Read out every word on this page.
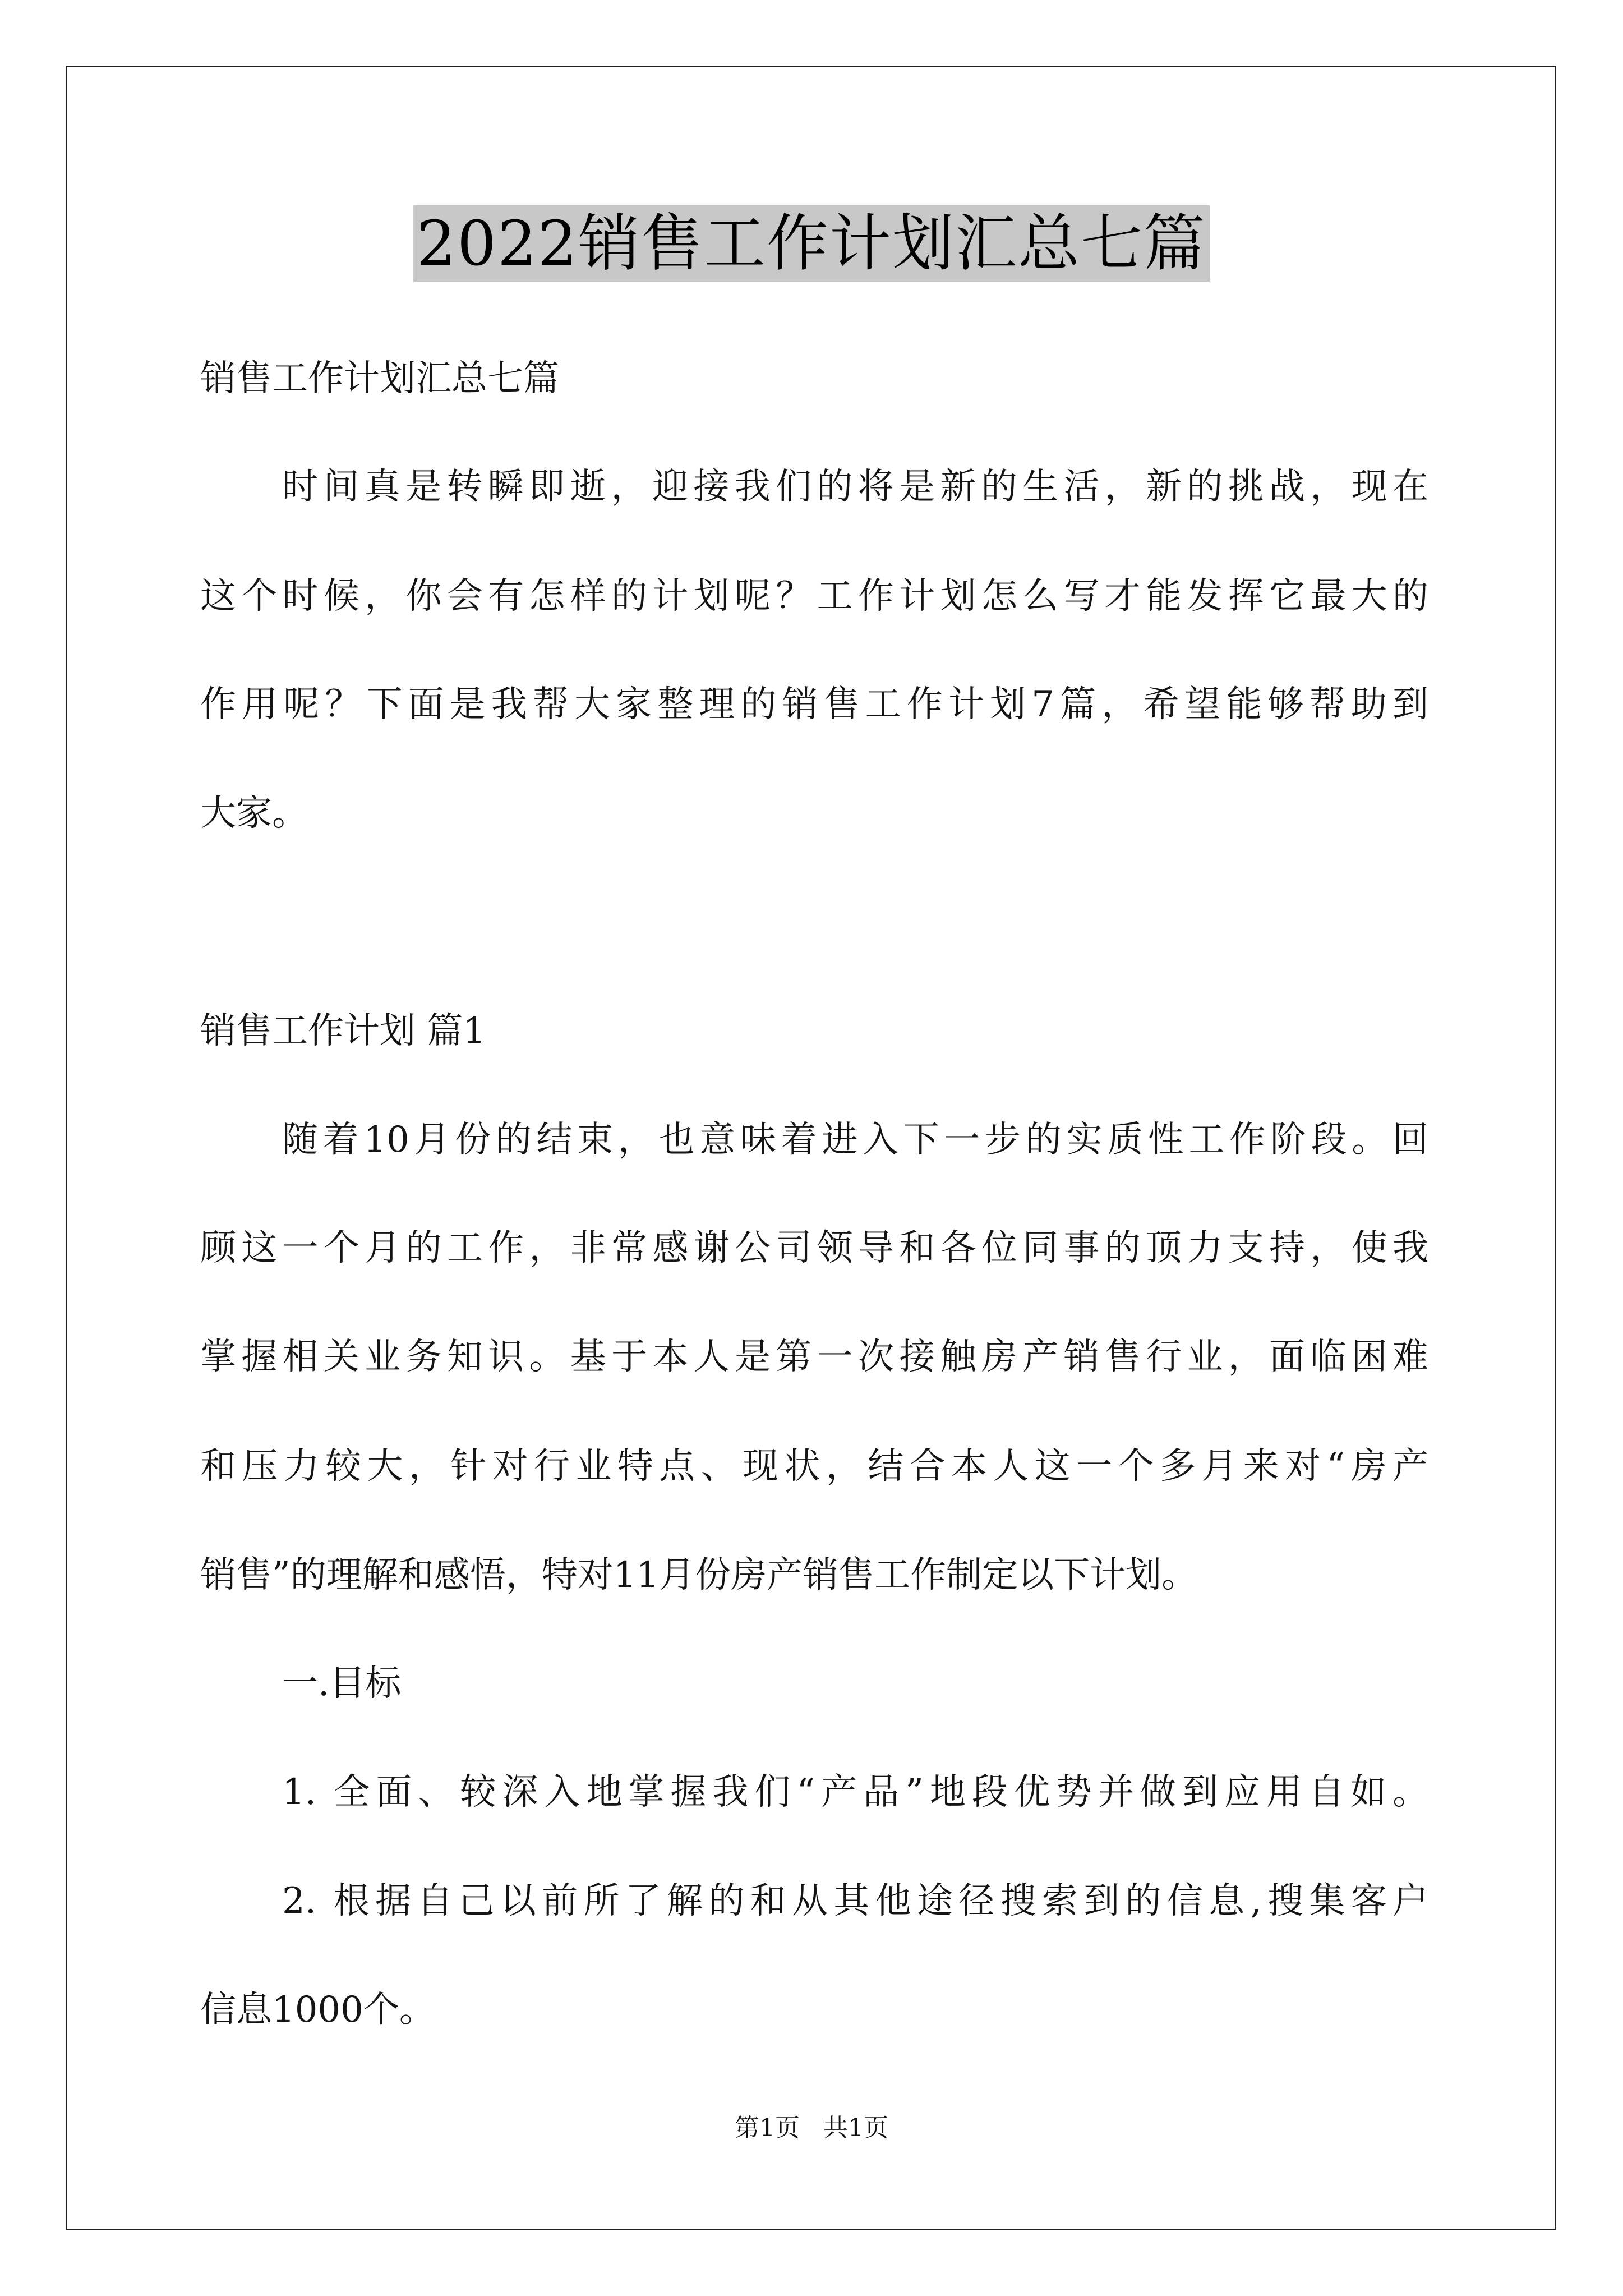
2022销售工作计划汇总七篇
销售工作计划汇总七篇
时间真是转瞬即逝，迎接我们的将是新的生活，新的挑战，现在
这个时候，你会有怎样的计划呢？工作计划怎么写才能发挥它最大的
作用呢？下面是我帮大家整理的销售工作计划7篇，希望能够帮助到
大家。
销售工作计划 篇1
随着10月份的结束，也意味着进入下一步的实质性工作阶段。回
顾这一个月的工作，非常感谢公司领导和各位同事的顶力支持，使我
掌握相关业务知识。基于本人是第一次接触房产销售行业，面临困难
和压力较大，针对行业特点、现状，结合本人这一个多月来对“房产
销售”的理解和感悟，特对11月份房产销售工作制定以下计划。
一.目标
1. 全面、较深入地掌握我们“产品”地段优势并做到应用自如。
2. 根据自己以前所了解的和从其他途径搜索到的信息,搜集客户
信息1000个。
第1页   共1页
